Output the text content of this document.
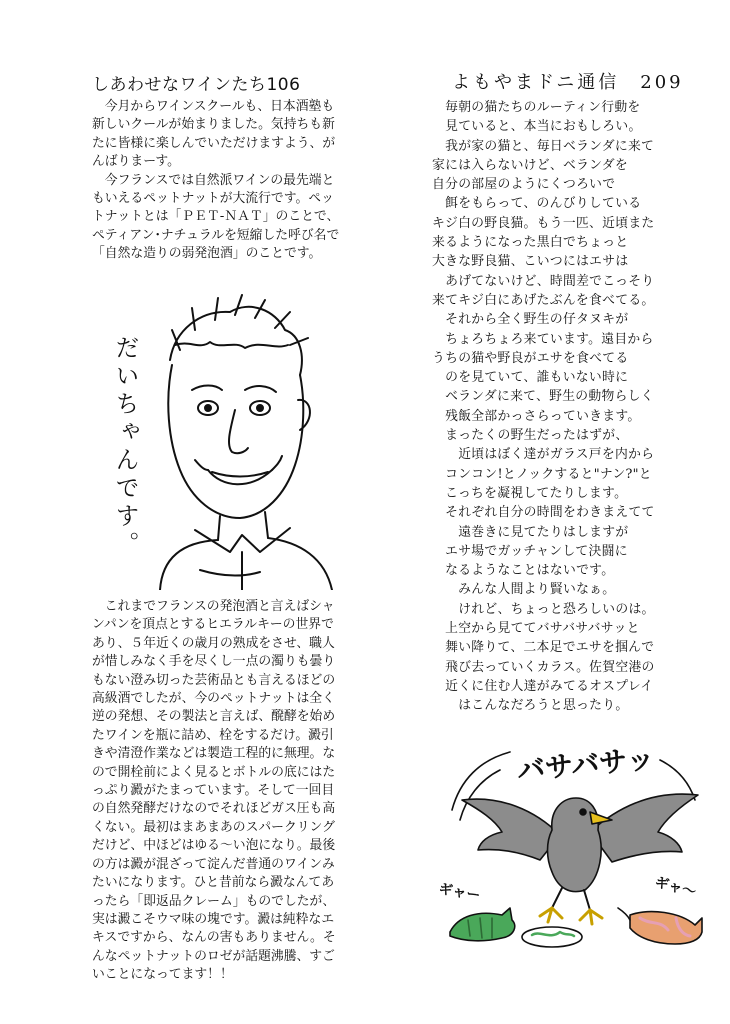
しあわせなワインたち106
　今月からワインスクールも、日本酒塾も
新しいクールが始まりました。気持ちも新
たに皆様に楽しんでいただけますよう、が
んばりまーす。
　今フランスでは自然派ワインの最先端と
もいえるペットナットが大流行です。ペッ
トナットとは「ＰＥＴ-ＮＡＴ」のことで、
ペティアン･ナチュラルを短縮した呼び名で
「自然な造りの弱発泡酒」のことです。
だいちゃんです。
　これまでフランスの発泡酒と言えばシャ
ンパンを頂点とするヒエラルキーの世界で
あり、５年近くの歳月の熟成をさせ、職人
が惜しみなく手を尽くし一点の濁りも曇り
もない澄み切った芸術品とも言えるほどの
高級酒でしたが、今のペットナットは全く
逆の発想、その製法と言えば、醗酵を始め
たワインを瓶に詰め、栓をするだけ。澱引
きや清澄作業などは製造工程的に無理。な
ので開栓前によく見るとボトルの底にはた
っぷり澱がたまっています。そして一回目
の自然発酵だけなのでそれほどガス圧も高
くない。最初はまあまあのスパークリング
だけど、中ほどはゆる〜い泡になり。最後
の方は澱が混ざって淀んだ普通のワインみ
たいになります。ひと昔前なら澱なんてあ
ったら「即返品クレーム」ものでしたが、
実は澱こそウマ味の塊です。澱は純粋なエ
キスですから、なんの害もありません。そ
んなペットナットのロゼが話題沸騰、すご
いことになってます！！
よもやまドニ通信　209
　毎朝の猫たちのルーティン行動を
　見ていると、本当におもしろい。
　我が家の猫と、毎日ベランダに来て
家には入らないけど、ベランダを
自分の部屋のようにくつろいで
　餌をもらって、のんびりしている
キジ白の野良猫。もう一匹、近頃また
来るようになった黒白でちょっと
大きな野良猫、こいつにはエサは
　あげてないけど、時間差でこっそり
来てキジ白にあげたぶんを食べてる。
　それから全く野生の仔タヌキが
　ちょろちょろ来ています。遠目から
うちの猫や野良がエサを食べてる
　のを見ていて、誰もいない時に
　ベランダに来て、野生の動物らしく
　残飯全部かっさらっていきます。
　まったくの野生だったはずが、
　　近頃はぼく達がガラス戸を内から
　コンコン!とノックすると"ナン?"と
　こっちを凝視してたりします。
　それぞれ自分の時間をわきまえてて
　　遠巻きに見てたりはしますが
　エサ場でガッチャンして決闘に
　なるようなことはないです。
　　みんな人間より賢いなぁ。
　　けれど、ちょっと恐ろしいのは。
　上空から見ててバサバサバサッと
　舞い降りて、二本足でエサを掴んで
　飛び去っていくカラス。佐賀空港の
　近くに住む人達がみてるオスプレイ
　　はこんなだろうと思ったり。
バサバサッ
ギャー	ギャ〜
